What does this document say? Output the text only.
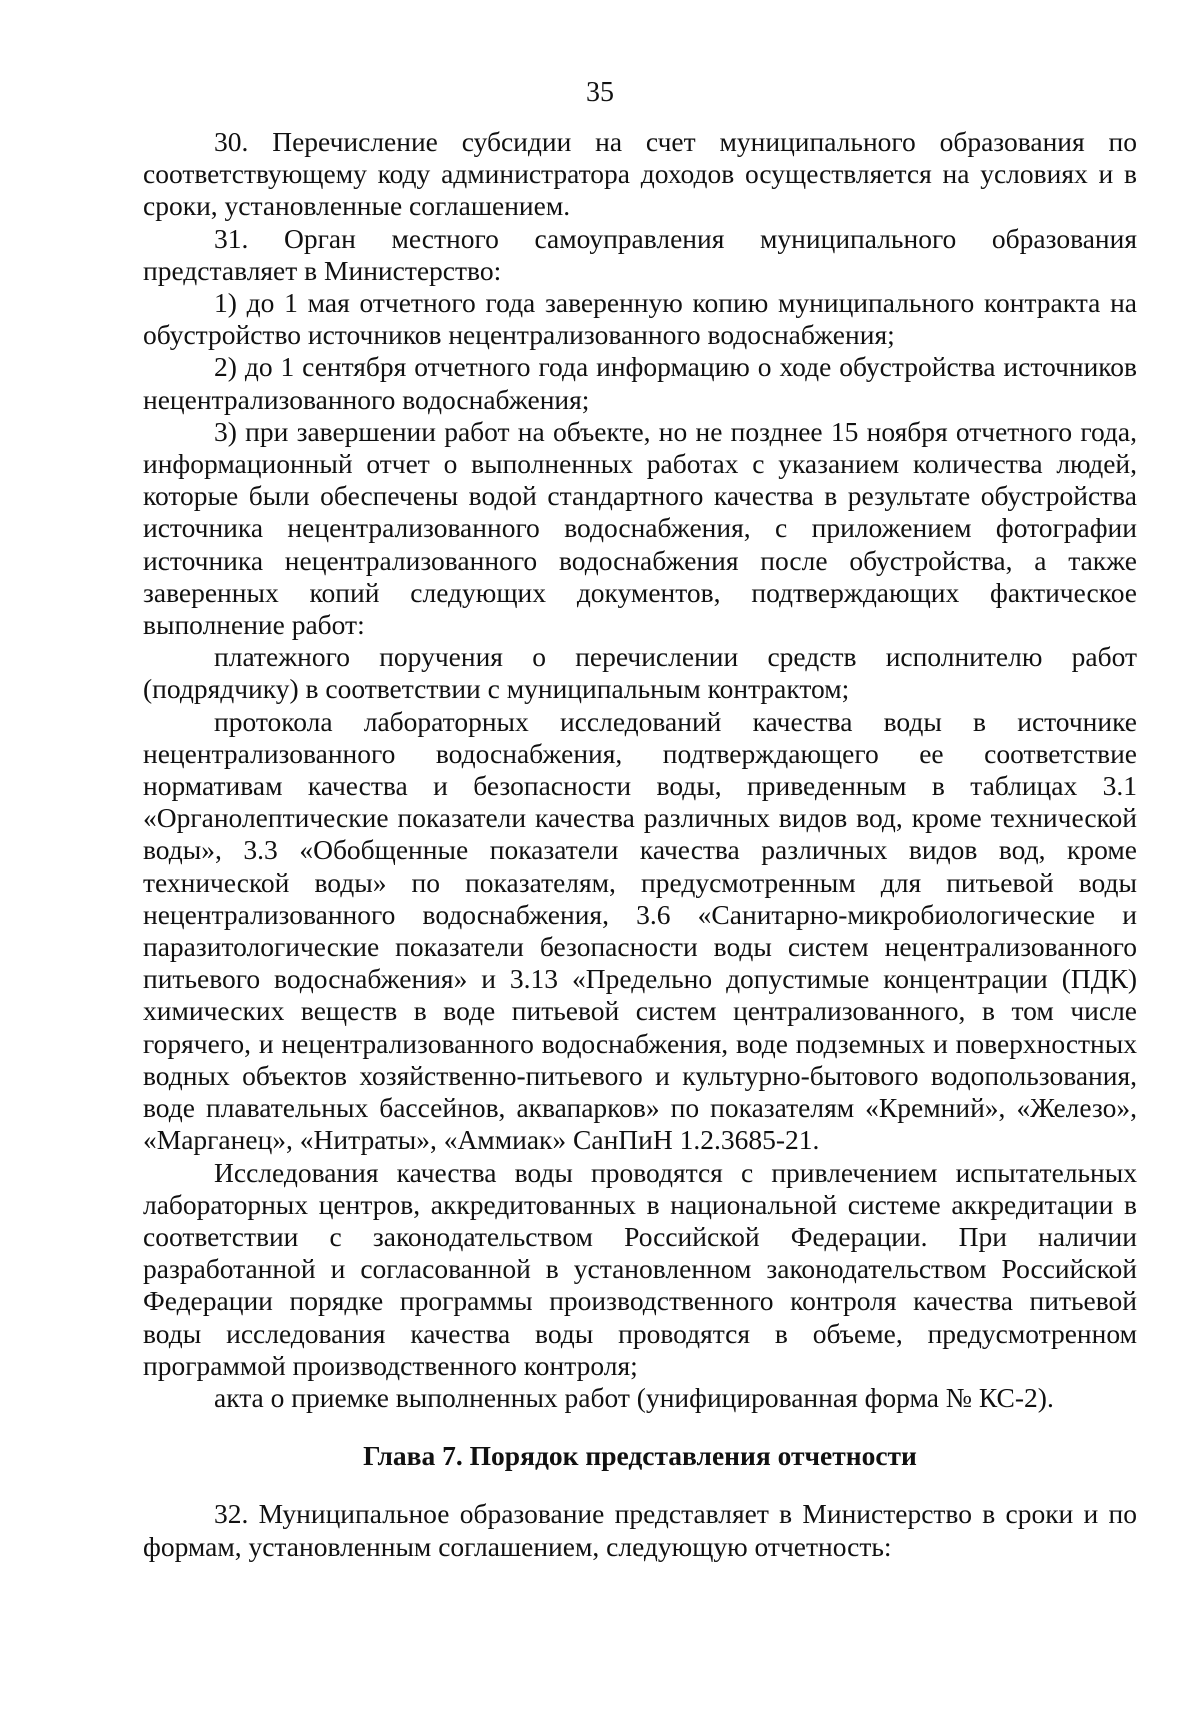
35

30. Перечисление субсидии на счет муниципального образования по соответствующему коду администратора доходов осуществляется на условиях и в сроки, установленные соглашением.

31. Орган местного самоуправления муниципального образования представляет в Министерство:

1) до 1 мая отчетного года заверенную копию муниципального контракта на обустройство источников нецентрализованного водоснабжения;

2) до 1 сентября отчетного года информацию о ходе обустройства источников нецентрализованного водоснабжения;

3) при завершении работ на объекте, но не позднее 15 ноября отчетного года, информационный отчет о выполненных работах с указанием количества людей, которые были обеспечены водой стандартного качества в результате обустройства источника нецентрализованного водоснабжения, с приложением фотографии источника нецентрализованного водоснабжения после обустройства, а также заверенных копий следующих документов, подтверждающих фактическое выполнение работ:

платежного поручения о перечислении средств исполнителю работ (подрядчику) в соответствии с муниципальным контрактом;

протокола лабораторных исследований качества воды в источнике нецентрализованного водоснабжения, подтверждающего ее соответствие нормативам качества и безопасности воды, приведенным в таблицах 3.1 «Органолептические показатели качества различных видов вод, кроме технической воды», 3.3 «Обобщенные показатели качества различных видов вод, кроме технической воды» по показателям, предусмотренным для питьевой воды нецентрализованного водоснабжения, 3.6 «Санитарно-микробиологические и паразитологические показатели безопасности воды систем нецентрализованного питьевого водоснабжения» и 3.13 «Предельно допустимые концентрации (ПДК) химических веществ в воде питьевой систем централизованного, в том числе горячего, и нецентрализованного водоснабжения, воде подземных и поверхностных водных объектов хозяйственно-питьевого и культурно-бытового водопользования, воде плавательных бассейнов, аквапарков» по показателям «Кремний», «Железо», «Марганец», «Нитраты», «Аммиак» СанПиН 1.2.3685-21.

Исследования качества воды проводятся с привлечением испытательных лабораторных центров, аккредитованных в национальной системе аккредитации в соответствии с законодательством Российской Федерации. При наличии разработанной и согласованной в установленном законодательством Российской Федерации порядке программы производственного контроля качества питьевой воды исследования качества воды проводятся в объеме, предусмотренном программой производственного контроля;

акта о приемке выполненных работ (унифицированная форма № КС-2).

Глава 7. Порядок представления отчетности

32. Муниципальное образование представляет в Министерство в сроки и по формам, установленным соглашением, следующую отчетность:
